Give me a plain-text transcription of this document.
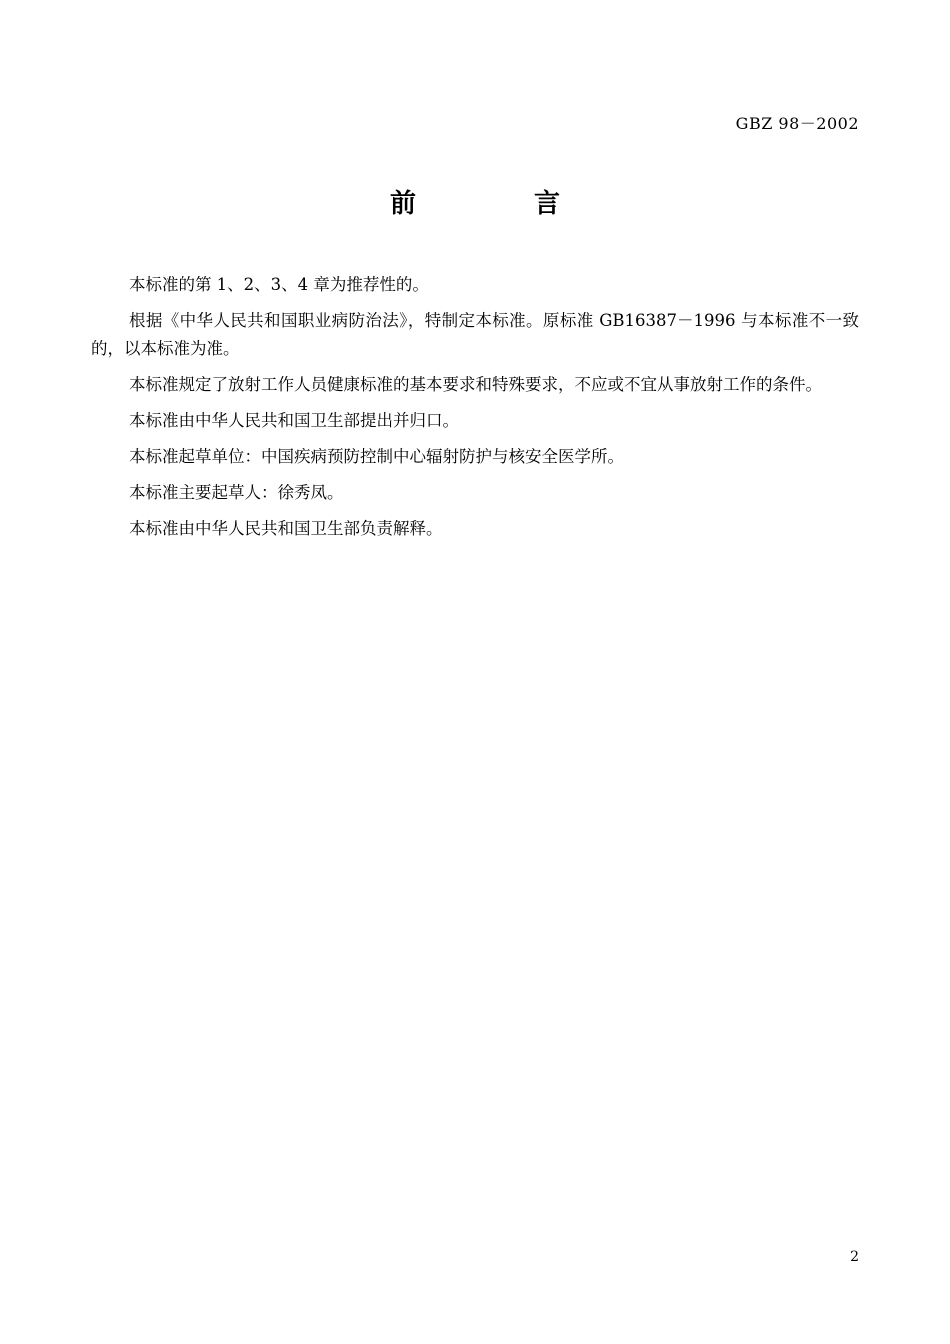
GBZ 98－2002
前	言

本标准的第 1、2、3、4 章为推荐性的。

根据《中华人民共和国职业病防治法》，特制定本标准。原标准 GB16387－1996 与本标准不一致的，以本标准为准。

本标准规定了放射工作人员健康标准的基本要求和特殊要求，不应或不宜从事放射工作的条件。

本标准由中华人民共和国卫生部提出并归口。

本标准起草单位：中国疾病预防控制中心辐射防护与核安全医学所。

本标准主要起草人：徐秀凤。

本标准由中华人民共和国卫生部负责解释。

2
